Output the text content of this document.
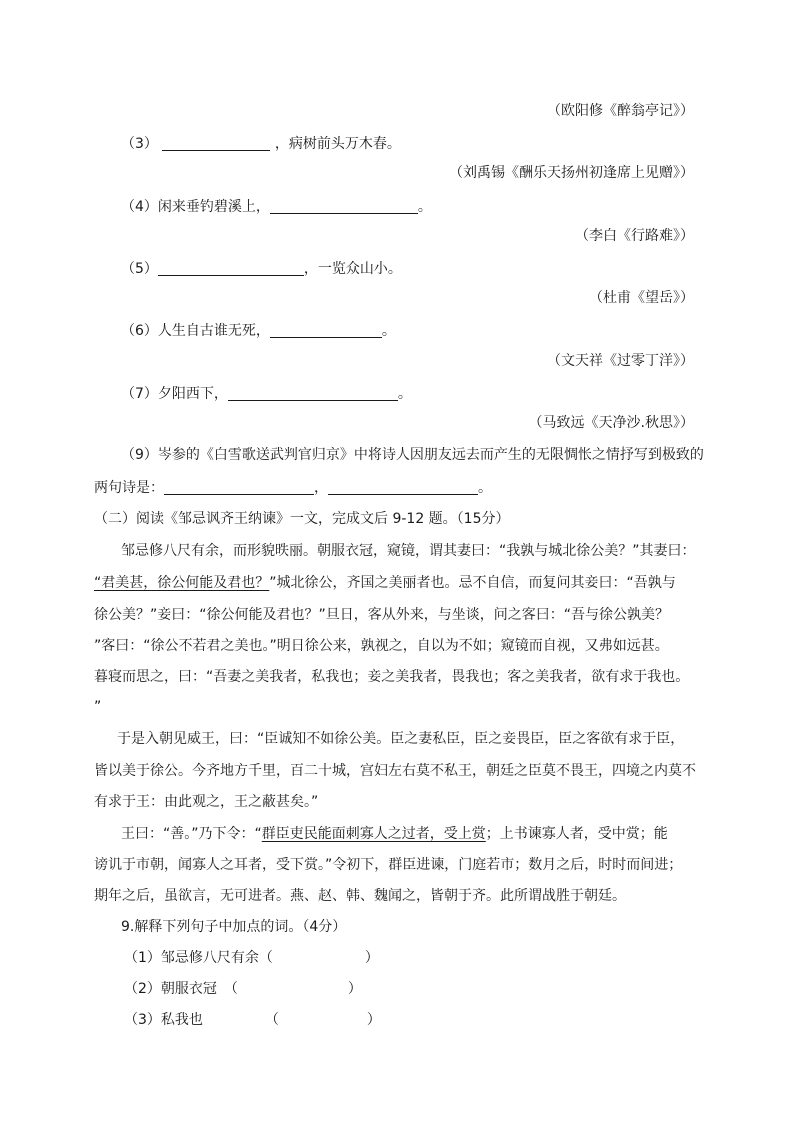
（欧阳修《醉翁亭记》）
（3）	，病树前头万木春。
（刘禹锡《酬乐天扬州初逢席上见赠》）
（4）闲来垂钓碧溪上，	。
（李白《行路难》）
（5）	，一览众山小。
（杜甫《望岳》）
（6）人生自古谁无死，	。
（文天祥《过零丁洋》）
（7）夕阳西下，	。
（马致远《天净沙.秋思》）
（9）岑参的《白雪歌送武判官归京》中将诗人因朋友远去而产生的无限惆怅之情抒写到极致的
两句诗是：	，	。
（二）阅读《邹忌讽齐王纳谏》一文，完成文后 9-12 题。（15分）
邹忌修八尺有余，而形貌昳丽。朝服衣冠，窥镜，谓其妻曰：“我孰与城北徐公美？”其妻曰：
“君美甚，徐公何能及君也？”城北徐公，齐国之美丽者也。忌不自信，而复问其妾曰：“吾孰与
徐公美？”妾曰：“徐公何能及君也？”旦日，客从外来，与坐谈，问之客曰：“吾与徐公孰美？
”客曰：“徐公不若君之美也。”明日徐公来，孰视之，自以为不如；窥镜而自视，又弗如远甚。
暮寝而思之，曰：“吾妻之美我者，私我也；妾之美我者，畏我也；客之美我者，欲有求于我也。
”
于是入朝见威王，曰：“臣诚知不如徐公美。臣之妻私臣，臣之妾畏臣，臣之客欲有求于臣，
皆以美于徐公。今齐地方千里，百二十城，宫妇左右莫不私王，朝廷之臣莫不畏王，四境之内莫不
有求于王：由此观之，王之蔽甚矣。”
王曰：“善。”乃下令：“群臣吏民能面刺寡人之过者，受上赏；上书谏寡人者，受中赏；能
谤讥于市朝，闻寡人之耳者，受下赏。”令初下，群臣进谏，门庭若市；数月之后，时时而间进；
期年之后，虽欲言，无可进者。燕、赵、韩、魏闻之，皆朝于齐。此所谓战胜于朝廷。
9.解释下列句子中加点的词。（4分）
（1）邹忌修八尺有余（	）
（2）朝服衣冠　（	）
（3）私我也	（	）
